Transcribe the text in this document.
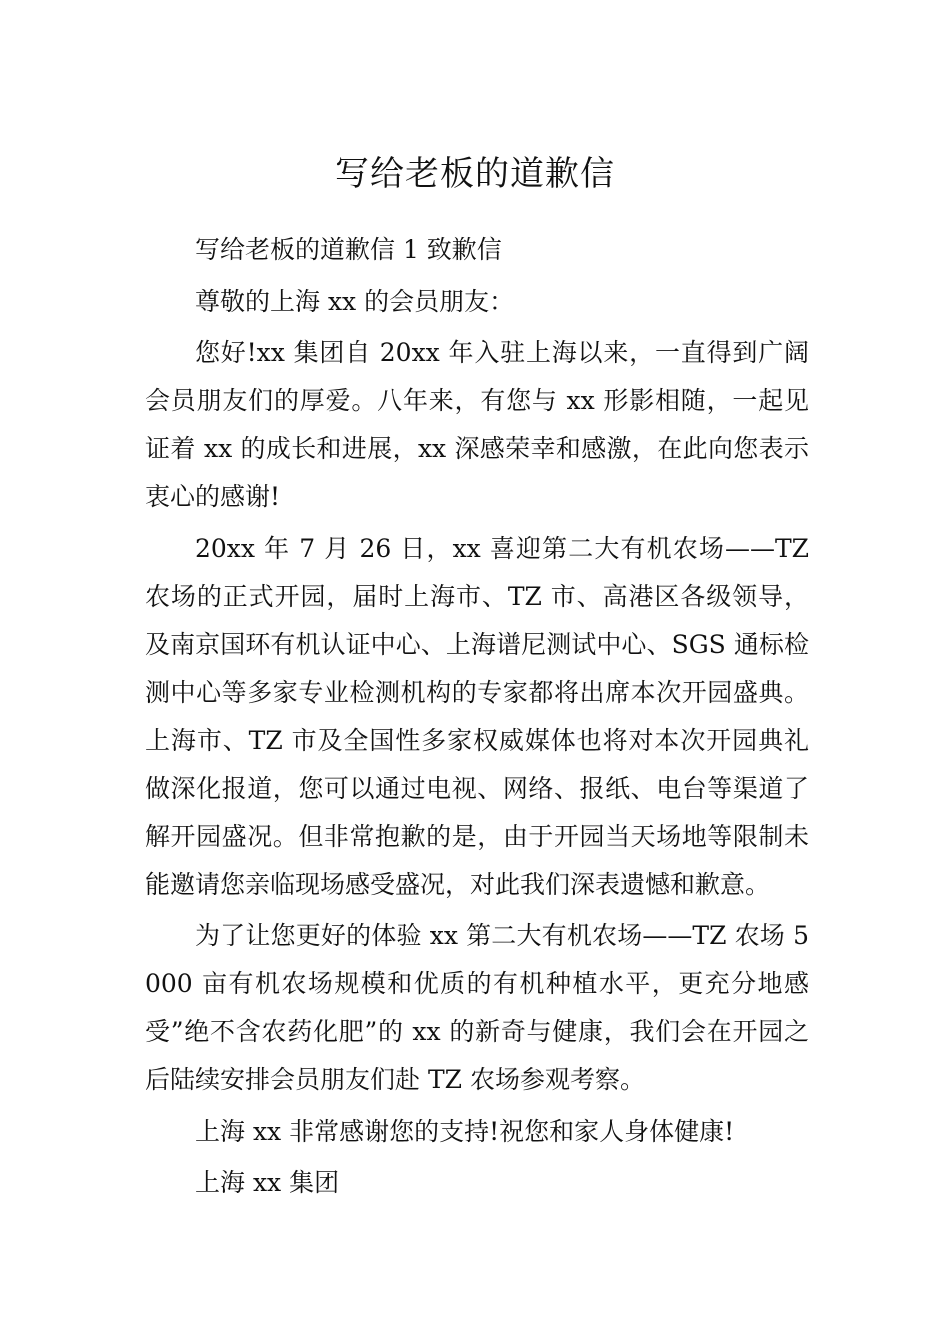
写给老板的道歉信

写给老板的道歉信 1 致歉信

尊敬的上海 xx 的会员朋友：

您好!xx 集团自 20xx 年入驻上海以来，一直得到广阔会员朋友们的厚爱。八年来，有您与 xx 形影相随，一起见证着 xx 的成长和进展，xx 深感荣幸和感激，在此向您表示衷心的感谢!

20xx 年 7 月 26 日，xx 喜迎第二大有机农场——TZ 农场的正式开园，届时上海市、TZ 市、高港区各级领导，及南京国环有机认证中心、上海谱尼测试中心、SGS 通标检测中心等多家专业检测机构的专家都将出席本次开园盛典。上海市、TZ 市及全国性多家权威媒体也将对本次开园典礼做深化报道，您可以通过电视、网络、报纸、电台等渠道了解开园盛况。但非常抱歉的是，由于开园当天场地等限制未能邀请您亲临现场感受盛况，对此我们深表遗憾和歉意。

为了让您更好的体验 xx 第二大有机农场——TZ 农场 5000 亩有机农场规模和优质的有机种植水平，更充分地感受”绝不含农药化肥”的 xx 的新奇与健康，我们会在开园之后陆续安排会员朋友们赴 TZ 农场参观考察。

上海 xx 非常感谢您的支持!祝您和家人身体健康!

上海 xx 集团
